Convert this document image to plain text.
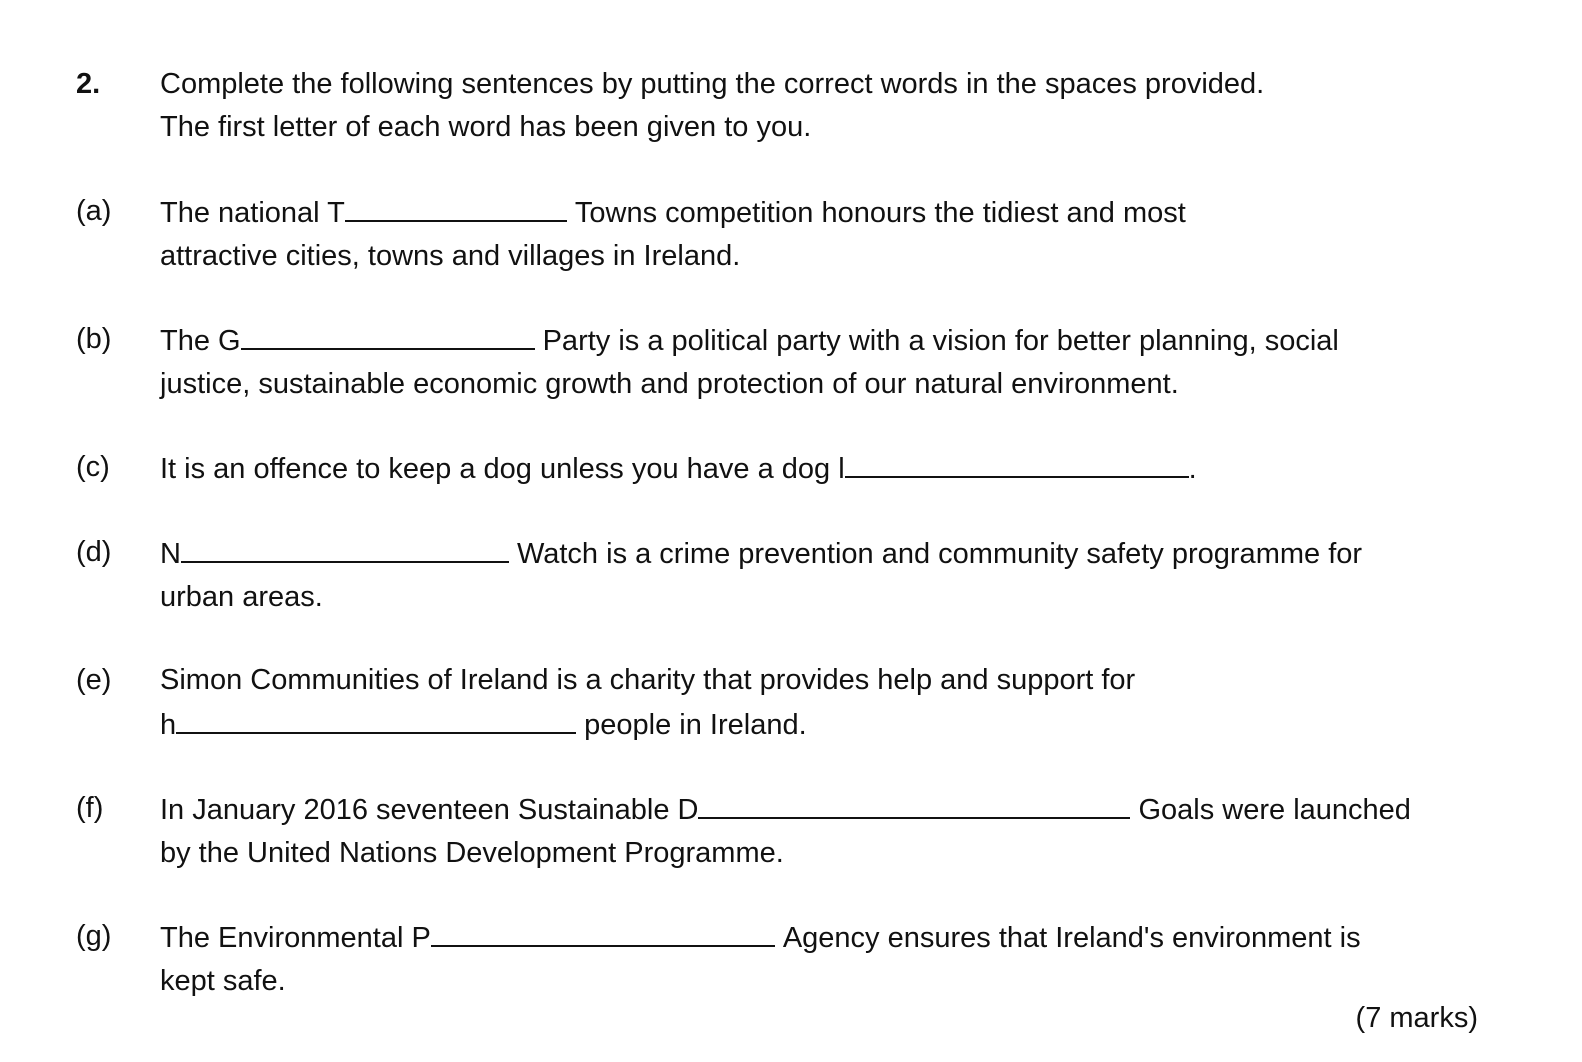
2. Complete the following sentences by putting the correct words in the spaces provided.
The first letter of each word has been given to you.
(a) The national T	Towns competition honours the tidiest and most
attractive cities, towns and villages in Ireland.
(b) The G	Party is a political party with a vision for better planning, social
justice, sustainable economic growth and protection of our natural environment.
(c) It is an offence to keep a dog unless you have a dog l	.
(d) N	Watch is a crime prevention and community safety programme for
urban areas.
(e) Simon Communities of Ireland is a charity that provides help and support for
h	people in Ireland.
(f) In January 2016 seventeen Sustainable D	Goals were launched
by the United Nations Development Programme.
(g) The Environmental P	Agency ensures that Ireland's environment is
kept safe.
(7 marks)
